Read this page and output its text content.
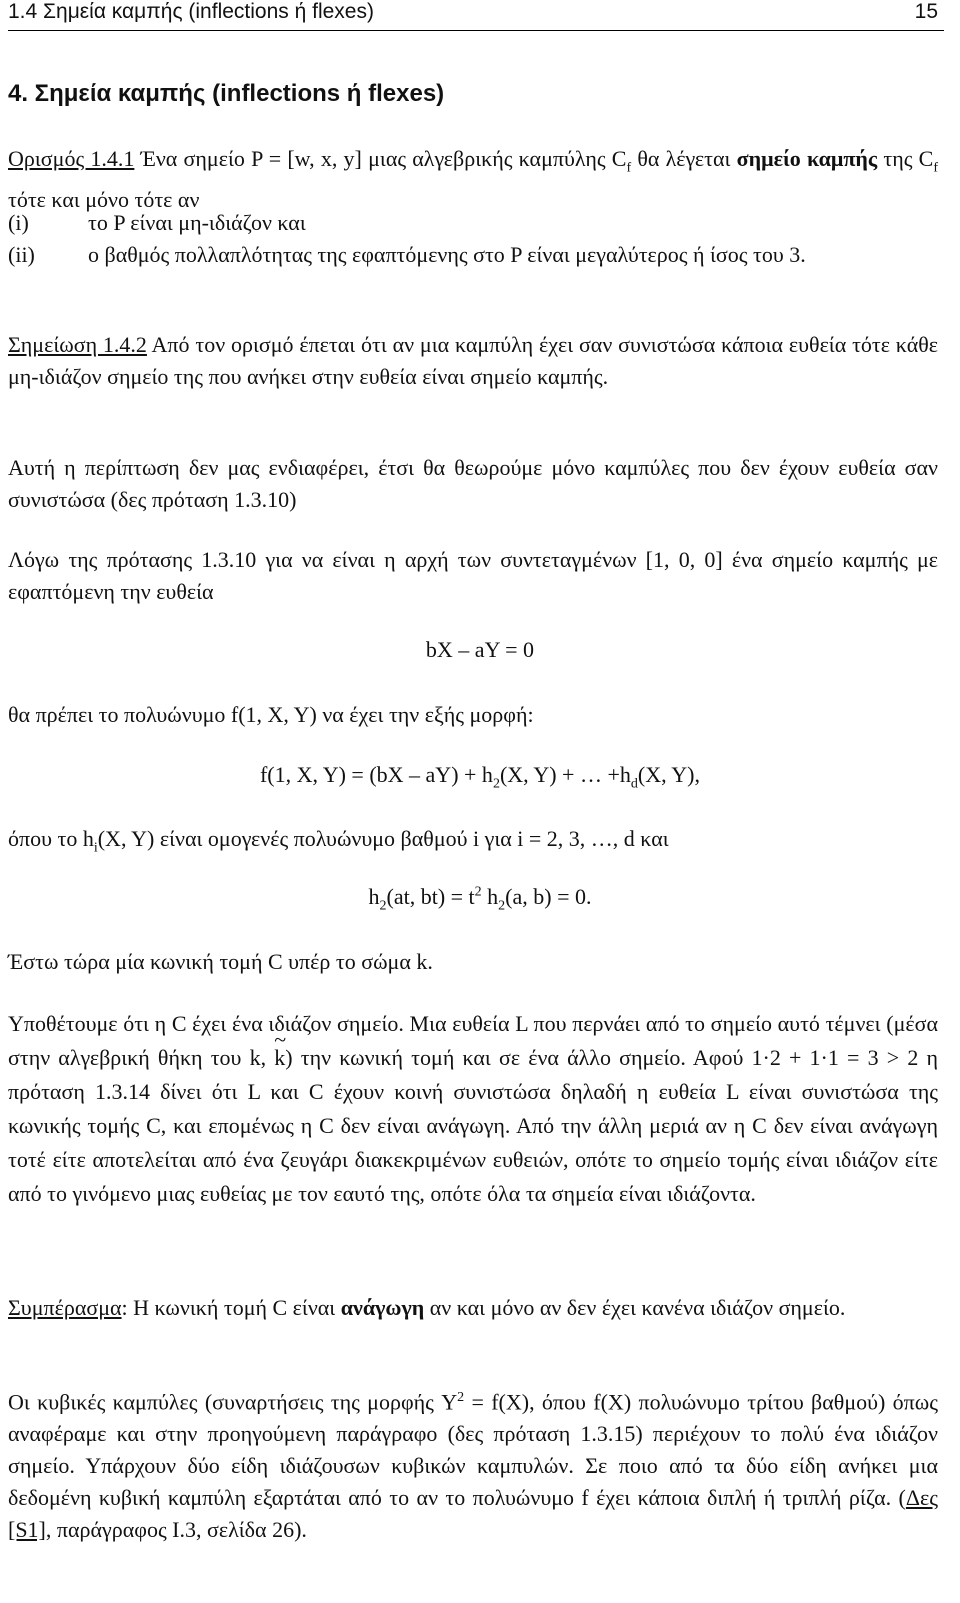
1.4 Σημεία καμπής (inflections ή flexes)	15
4. Σημεία καμπής (inflections ή flexes)
Ορισμός 1.4.1 Ένα σημείο P = [w, x, y] μιας αλγεβρικής καμπύλης $C_f$ θα λέγεται σημείο καμπής της $C_f$ τότε και μόνο τότε αν
(i)	το P είναι μη-ιδιάζον και
(ii)	ο βαθμός πολλαπλότητας της εφαπτόμενης στο P είναι μεγαλύτερος ή ίσος του 3.
Σημείωση 1.4.2 Από τον ορισμό έπεται ότι αν μια καμπύλη έχει σαν συνιστώσα κάποια ευθεία τότε κάθε μη-ιδιάζον σημείο της που ανήκει στην ευθεία είναι σημείο καμπής.
Αυτή η περίπτωση δεν μας ενδιαφέρει, έτσι θα θεωρούμε μόνο καμπύλες που δεν έχουν ευθεία σαν συνιστώσα (δες πρόταση 1.3.10)
Λόγω της πρότασης 1.3.10 για να είναι η αρχή των συντεταγμένων [1, 0, 0] ένα σημείο καμπής με εφαπτόμενη την ευθεία
bX – aY = 0
θα πρέπει το πολυώνυμο f(1, X, Y) να έχει την εξής μορφή:
f(1, X, $Y) = (bX - aY) + h_2(X$, Y) + … $+h_d(X$, Y),
όπου το $h_i(X$, Y) είναι ομογενές πολυώνυμο βαθμού i για i = 2, 3, …, d και
$h_2(at$, $bt) = t^2$ $h_2(a$, b) = 0.
Έστω τώρα μία κωνική τομή C υπέρ το σώμα k.
Υποθέτουμε ότι η C έχει ένα ιδιάζον σημείο. Μια ευθεία L που περνάει από το σημείο αυτό τέμνει (μέσα στην αλγεβρική θήκη του k, ~ k) την κωνική τομή και σε ένα άλλο σημείο. Αφού 1·2 + 1·1 = 3 > 2 η πρόταση 1.3.14 δίνει ότι L και C έχουν κοινή συνιστώσα δηλαδή η ευθεία L είναι συνιστώσα της κωνικής τομής C, και επομένως η C δεν είναι ανάγωγη. Από την άλλη μεριά αν η C δεν είναι ανάγωγη τοτέ είτε αποτελείται από ένα ζευγάρι διακεκριμένων ευθειών, οπότε το σημείο τομής είναι ιδιάζον είτε από το γινόμενο μιας ευθείας με τον εαυτό της, οπότε όλα τα σημεία είναι ιδιάζοντα.
Συμπέρασμα: Η κωνική τομή C είναι ανάγωγη αν και μόνο αν δεν έχει κανένα ιδιάζον σημείο.
Οι κυβικές καμπύλες (συναρτήσεις της μορφής $Y^2 = f(X)$, όπου f(X) πολυώνυμο τρίτου βαθμού) όπως αναφέραμε και στην προηγούμενη παράγραφο (δες πρόταση 1.3.15) περιέχουν το πολύ ένα ιδιάζον σημείο. Υπάρχουν δύο είδη ιδιάζουσων κυβικών καμπυλών. Σε ποιο από τα δύο είδη ανήκει μια δεδομένη κυβική καμπύλη εξαρτάται από το αν το πολυώνυμο f έχει κάποια διπλή ή τριπλή ρίζα. (Δες [S1], παράγραφος Ι.3, σελίδα 26).
